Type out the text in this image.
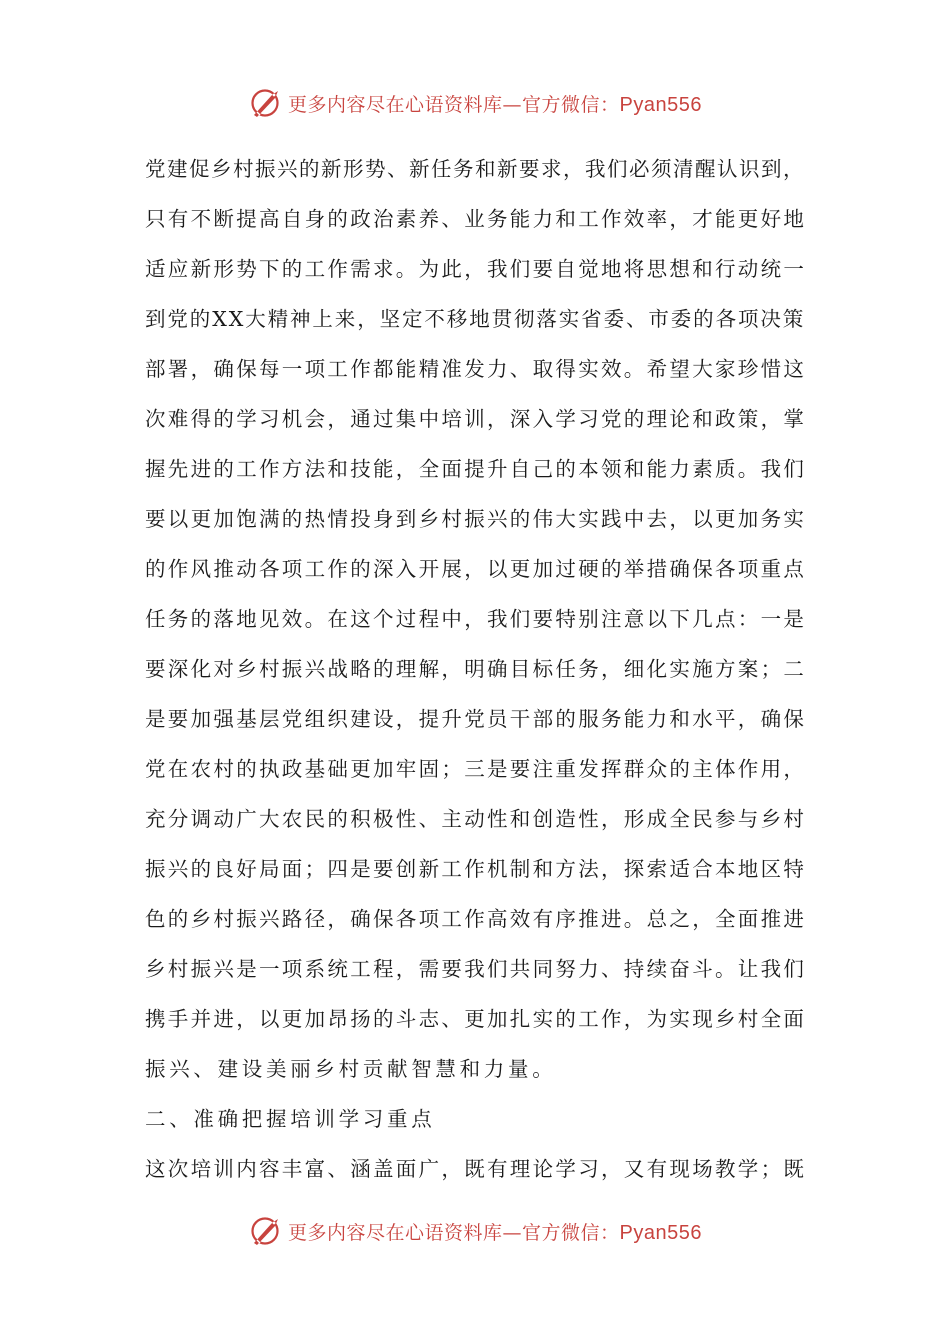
更多内容尽在心语资料库—官方微信：Pyan556
党建促乡村振兴的新形势、新任务和新要求，我们必须清醒认识到，
只有不断提高自身的政治素养、业务能力和工作效率，才能更好地
适应新形势下的工作需求。为此，我们要自觉地将思想和行动统一
到党的XX大精神上来，坚定不移地贯彻落实省委、市委的各项决策
部署，确保每一项工作都能精准发力、取得实效。希望大家珍惜这
次难得的学习机会，通过集中培训，深入学习党的理论和政策，掌
握先进的工作方法和技能，全面提升自己的本领和能力素质。我们
要以更加饱满的热情投身到乡村振兴的伟大实践中去，以更加务实
的作风推动各项工作的深入开展，以更加过硬的举措确保各项重点
任务的落地见效。在这个过程中，我们要特别注意以下几点：一是
要深化对乡村振兴战略的理解，明确目标任务，细化实施方案；二
是要加强基层党组织建设，提升党员干部的服务能力和水平，确保
党在农村的执政基础更加牢固；三是要注重发挥群众的主体作用，
充分调动广大农民的积极性、主动性和创造性，形成全民参与乡村
振兴的良好局面；四是要创新工作机制和方法，探索适合本地区特
色的乡村振兴路径，确保各项工作高效有序推进。总之，全面推进
乡村振兴是一项系统工程，需要我们共同努力、持续奋斗。让我们
携手并进，以更加昂扬的斗志、更加扎实的工作，为实现乡村全面
振兴、建设美丽乡村贡献智慧和力量。
二、准确把握培训学习重点
这次培训内容丰富、涵盖面广，既有理论学习，又有现场教学；既
更多内容尽在心语资料库—官方微信：Pyan556
